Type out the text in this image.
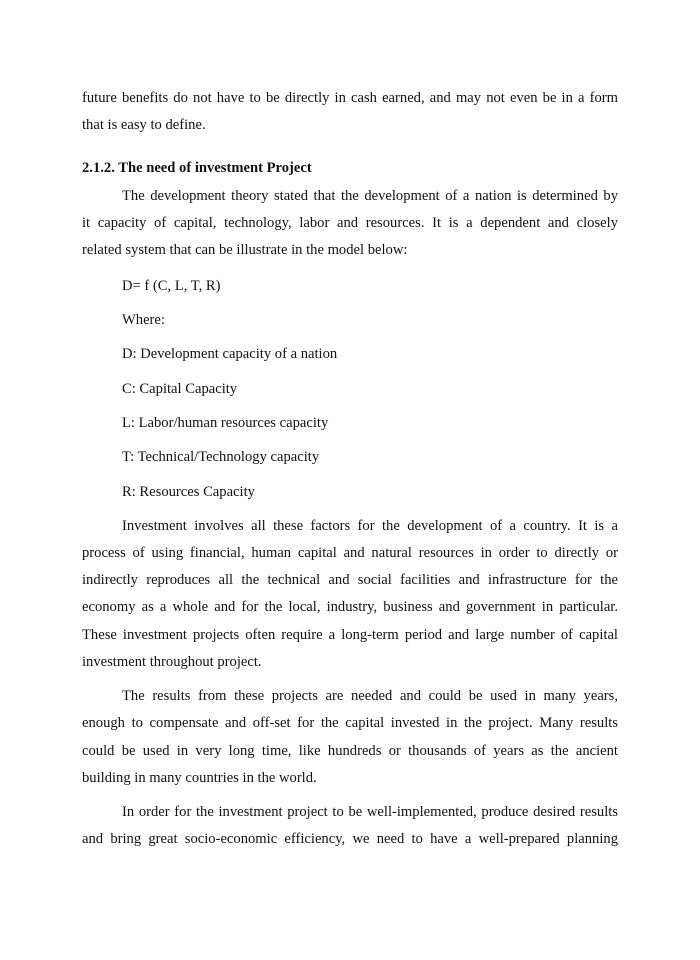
future benefits do not have to be directly in cash earned, and may not even be in a form
that is easy to define.
2.1.2. The need of investment Project
The development theory stated that the development of a nation is determined by
it capacity of capital, technology, labor and resources. It is a dependent and closely
related system that can be illustrate in the model below:
D= f (C, L, T, R)
Where:
D: Development capacity of a nation
C: Capital Capacity
L: Labor/human resources capacity
T: Technical/Technology capacity
R: Resources Capacity
Investment involves all these factors for the development of a country. It is a
process of using financial, human capital and natural resources in order to directly or
indirectly reproduces all the technical and social facilities and infrastructure for the
economy as a whole and for the local, industry, business and government in particular.
These investment projects often require a long-term period and large number of capital
investment throughout project.
The results from these projects are needed and could be used in many years,
enough to compensate and off-set for the capital invested in the project. Many results
could be used in very long time, like hundreds or thousands of years as the ancient
building in many countries in the world.
In order for the investment project to be well-implemented, produce desired results
and bring great socio-economic efficiency, we need to have a well-prepared planning
